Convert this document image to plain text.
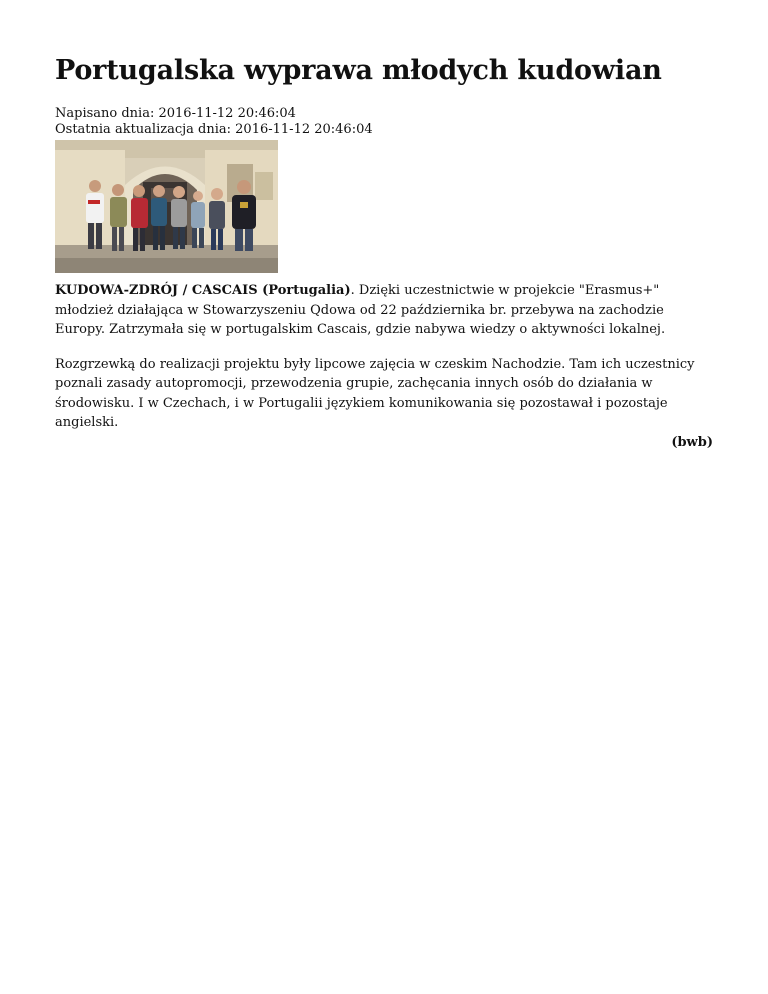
Portugalska wyprawa młodych kudowian
Napisano dnia: 2016-11-12 20:46:04
Ostatnia aktualizacja dnia: 2016-11-12 20:46:04

KUDOWA-ZDRÓJ / CASCAIS (Portugalia). Dzięki uczestnictwie w projekcie "Erasmus+" młodzież działająca w Stowarzyszeniu Qdowa od 22 października br. przebywa na zachodzie Europy. Zatrzymała się w portugalskim Cascais, gdzie nabywa wiedzy o aktywności lokalnej.

Rozgrzewką do realizacji projektu były lipcowe zajęcia w czeskim Nachodzie. Tam ich uczestnicy poznali zasady autopromocji, przewodzenia grupie, zachęcania innych osób do działania w środowisku. I w Czechach, i w Portugalii językiem komunikowania się pozostawał i pozostaje angielski.

(bwb)
